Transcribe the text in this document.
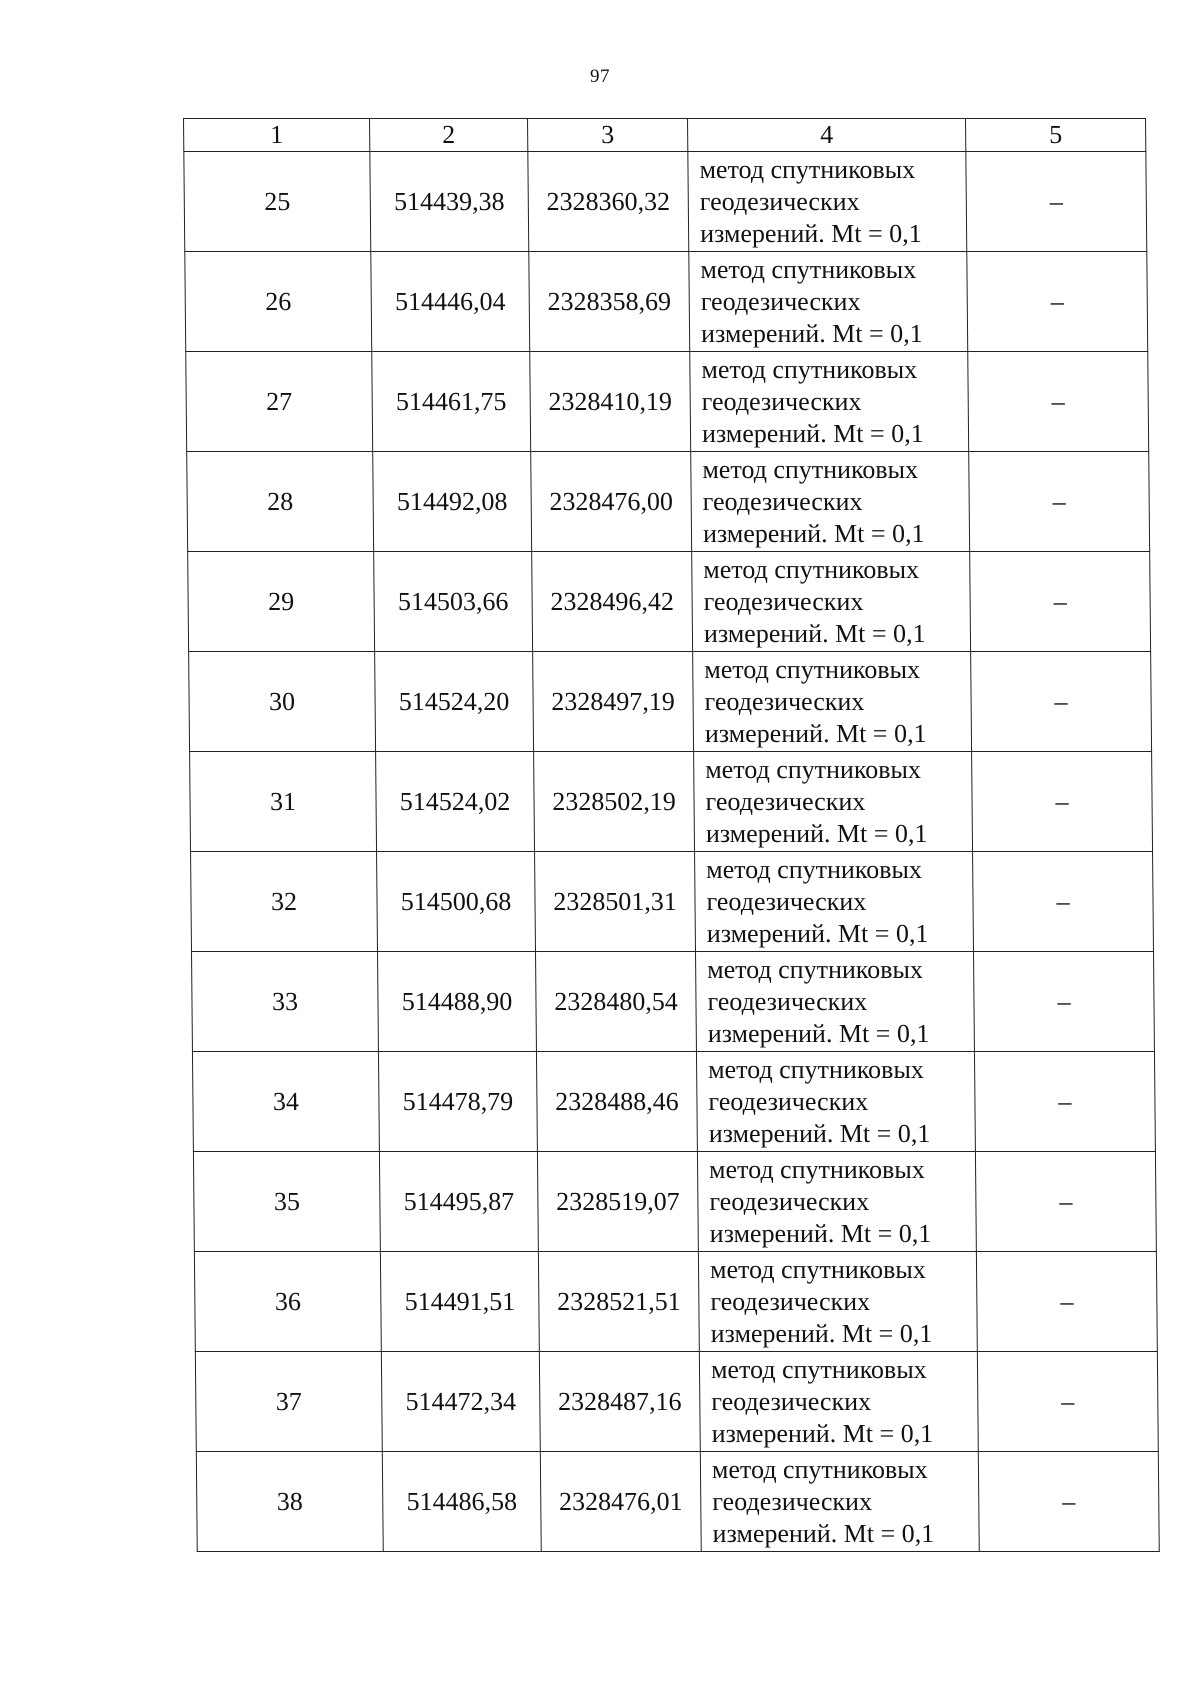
97
1	2	3	4	5
25	514439,38	2328360,32	метод спутниковых
геодезических
измерений. Mt = 0,1	–
26	514446,04	2328358,69	метод спутниковых
геодезических
измерений. Mt = 0,1	–
27	514461,75	2328410,19	метод спутниковых
геодезических
измерений. Mt = 0,1	–
28	514492,08	2328476,00	метод спутниковых
геодезических
измерений. Mt = 0,1	–
29	514503,66	2328496,42	метод спутниковых
геодезических
измерений. Mt = 0,1	–
30	514524,20	2328497,19	метод спутниковых
геодезических
измерений. Mt = 0,1	–
31	514524,02	2328502,19	метод спутниковых
геодезических
измерений. Mt = 0,1	–
32	514500,68	2328501,31	метод спутниковых
геодезических
измерений. Mt = 0,1	–
33	514488,90	2328480,54	метод спутниковых
геодезических
измерений. Mt = 0,1	–
34	514478,79	2328488,46	метод спутниковых
геодезических
измерений. Mt = 0,1	–
35	514495,87	2328519,07	метод спутниковых
геодезических
измерений. Mt = 0,1	–
36	514491,51	2328521,51	метод спутниковых
геодезических
измерений. Mt = 0,1	–
37	514472,34	2328487,16	метод спутниковых
геодезических
измерений. Mt = 0,1	–
38	514486,58	2328476,01	метод спутниковых
геодезических
измерений. Mt = 0,1	–
